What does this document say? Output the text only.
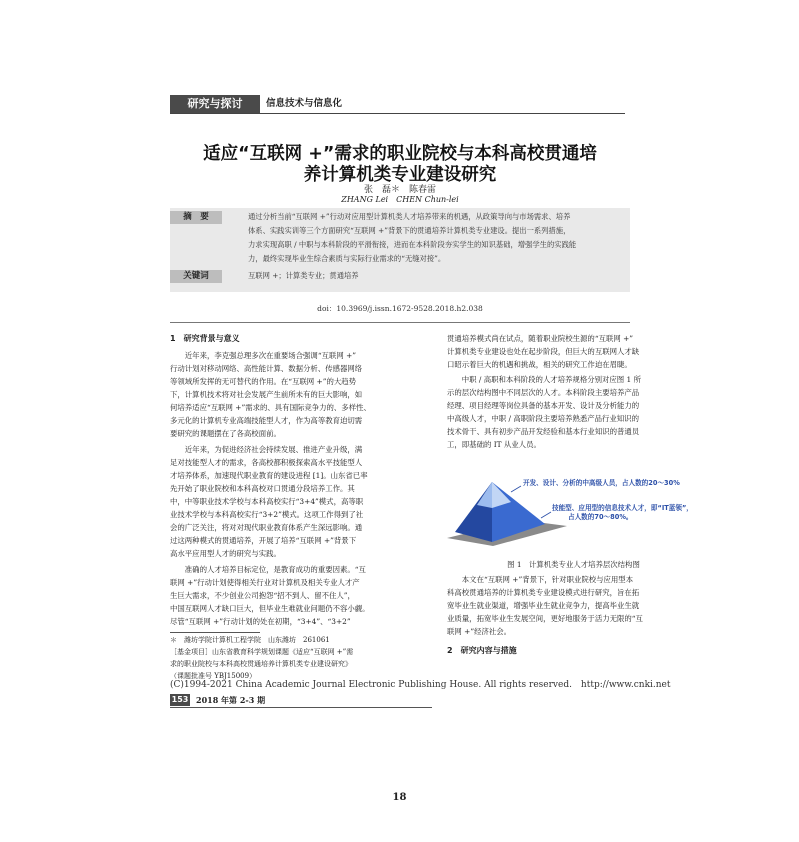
研究与探讨	信息技术与信息化
适应“互联网 +”需求的职业院校与本科高校贯通培
养计算机类专业建设研究
张　磊＊　陈春雷
ZHANG Lei　CHEN Chun-lei
摘　要	通过分析当前“互联网 +”行动对应用型计算机类人才培养带来的机遇，从政策导向与市场需求、培养
体系、实践实训等三个方面研究“互联网 +”背景下的贯通培养计算机类专业建设。提出一系列措施，
力求实现高职 / 中职与本科阶段的平滑衔接，进而在本科阶段夯实学生的知识基础，增强学生的实践能
力，最终实现毕业生综合素质与实际行业需求的“无缝对接”。
关键词	互联网 +；计算类专业；贯通培养
doi：10.3969/j.issn.1672-9528.2018.h2.038
1　研究背景与意义
　　近年来，李克强总理多次在重要场合强调“互联网 +”
行动计划对移动网络、高性能计算、数据分析、传感器网络
等领域所发挥的无可替代的作用。在“互联网 +”的大趋势
下，计算机技术将对社会发展产生前所未有的巨大影响，如
何培养适应“互联网 +”需求的、具有国际竞争力的、多样性、
多元化的计算机专业高端技能型人才，作为高等教育迫切需
要研究的课题摆在了各高校面前。
　　近年来，为促进经济社会持续发展、推进产业升级，满
足对技能型人才的需求，各高校都积极探索高水平技能型人
才培养体系，加速现代职业教育的建设进程 [1]。山东省已率
先开始了职业院校和本科高校对口贯通分段培养工作。其
中，中等职业技术学校与本科高校实行“3+4”模式，高等职
业技术学校与本科高校实行“3+2”模式。这项工作得到了社
会的广泛关注，将对对现代职业教育体系产生深远影响。通
过这两种模式的贯通培养，开展了培养“互联网 +”背景下
高水平应用型人才的研究与实践。
　　准确的人才培养目标定位，是教育成功的重要因素。“互
联网 +”行动计划使得相关行业对计算机及相关专业人才产
生巨大需求，不少创业公司抱怨“招不到人、留不住人”，
中国互联网人才缺口巨大，但毕业生难就业问题仍不容小觑。
尽管“互联网 +”行动计划的处在初期，“3+4”、“3+2”
贯通培养模式尚在试点，随着职业院校生源的“互联网 +”
计算机类专业建设也处在起步阶段，但巨大的互联网人才缺
口昭示着巨大的机遇和挑战，相关的研究工作迫在眉睫。
　　中职 / 高职和本科阶段的人才培养规格分别对应图 1 所
示的层次结构图中不同层次的人才。本科阶段主要培养产品
经理、项目经理等岗位具备的基本开发、设计及分析能力的
中高级人才，中职 / 高职阶段主要培养熟悉产品行业知识的
技术骨干、具有初步产品开发经验和基本行业知识的普通员
工，即基础的 IT 从业人员。
开发、设计、分析的中高级人员，占人数的20～30%
技能型、应用型的信息技术人才，即“IT蓝领”，
占人数的70～80%。
图 1　计算机类专业人才培养层次结构图
　　本文在“互联网 +”背景下，针对职业院校与应用型本
科高校贯通培养的计算机类专业建设模式进行研究，旨在拓
宽毕业生就业渠道，增强毕业生就业竞争力，提高毕业生就
业质量，拓宽毕业生发展空间，更好地服务于活力无限的“互
联网 +”经济社会。
2　研究内容与措施
＊　潍坊学院计算机工程学院　山东潍坊　261061
［基金项目］山东省教育科学规划课题《适应“互联网 +”需
求的职业院校与本科高校贯通培养计算机类专业建设研究》
（课题批准号 YBJ15009）
(C)1994-2021 China Academic Journal Electronic Publishing House. All rights reserved.　http://www.cnki.net
153 2018 年第 2-3 期
18
